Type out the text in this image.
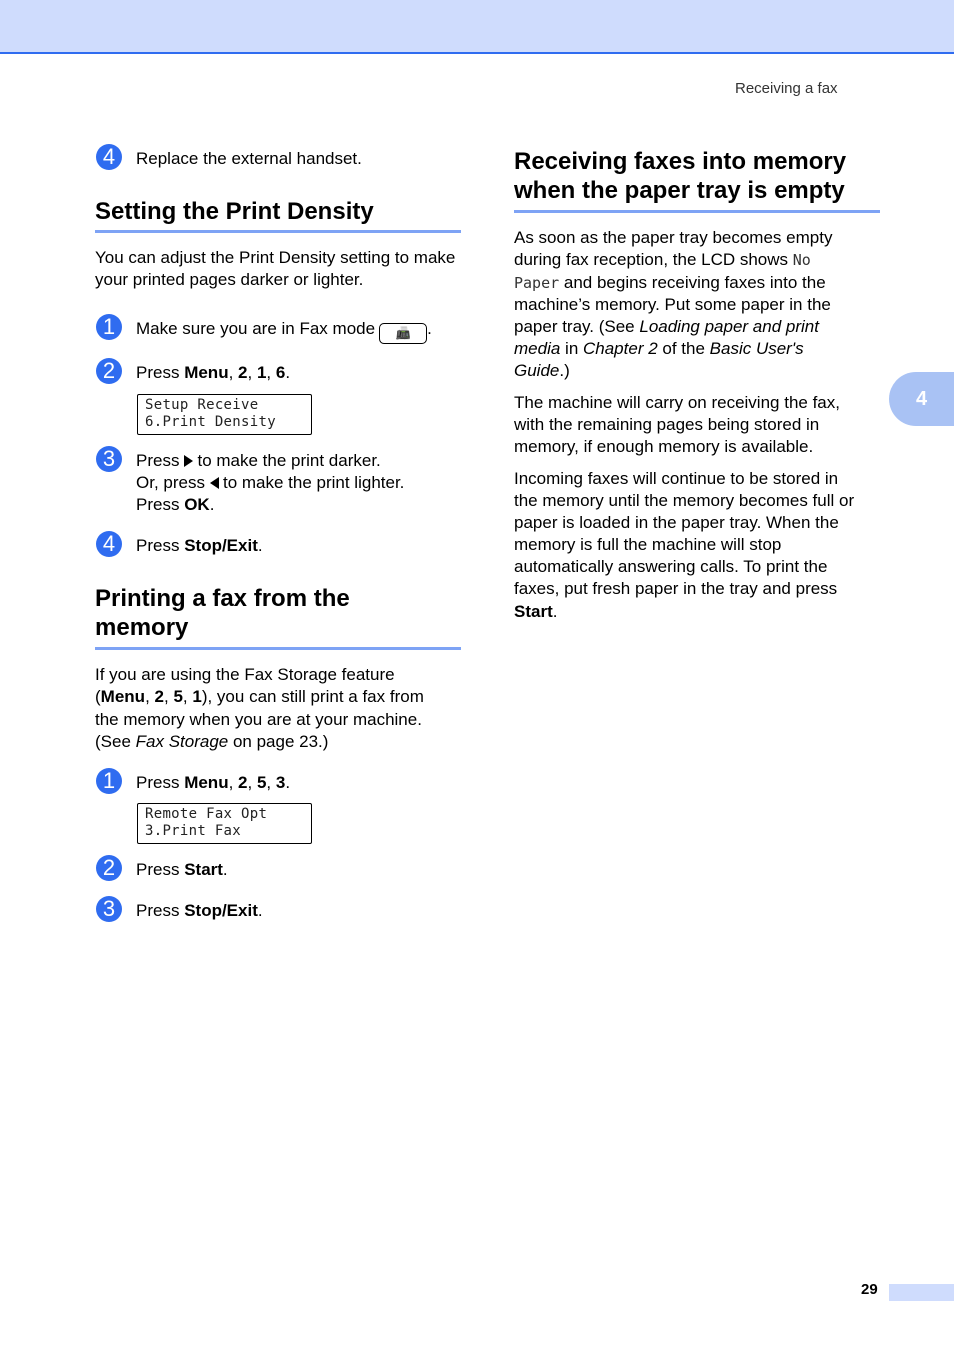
Receiving a fax
4
4	Replace the external handset.
Setting the Print Density
You can adjust the Print Density setting to make your printed pages darker or lighter.
1	Make sure you are in Fax mode 📠 .
2	Press Menu, 2, 1, 6.
Setup Receive
6.Print Density
3	Press to make the print darker.
Or, press to make the print lighter.
Press OK.
4	Press Stop/Exit.
Printing a fax from the
memory
If you are using the Fax Storage feature
(Menu, 2, 5, 1), you can still print a fax from
the memory when you are at your machine.
(See Fax Storage on page 23.)
1	Press Menu, 2, 5, 3.
Remote Fax Opt
3.Print Fax
2	Press Start.
3	Press Stop/Exit.
Receiving faxes into memory
when the paper tray is empty
As soon as the paper tray becomes empty
during fax reception, the LCD shows No
Paper and begins receiving faxes into the
machine’s memory. Put some paper in the
paper tray. (See Loading paper and print
media in Chapter 2 of the Basic User's
Guide.)
The machine will carry on receiving the fax,
with the remaining pages being stored in
memory, if enough memory is available.
Incoming faxes will continue to be stored in
the memory until the memory becomes full or
paper is loaded in the paper tray. When the
memory is full the machine will stop
automatically answering calls. To print the
faxes, put fresh paper in the tray and press
Start.
29
